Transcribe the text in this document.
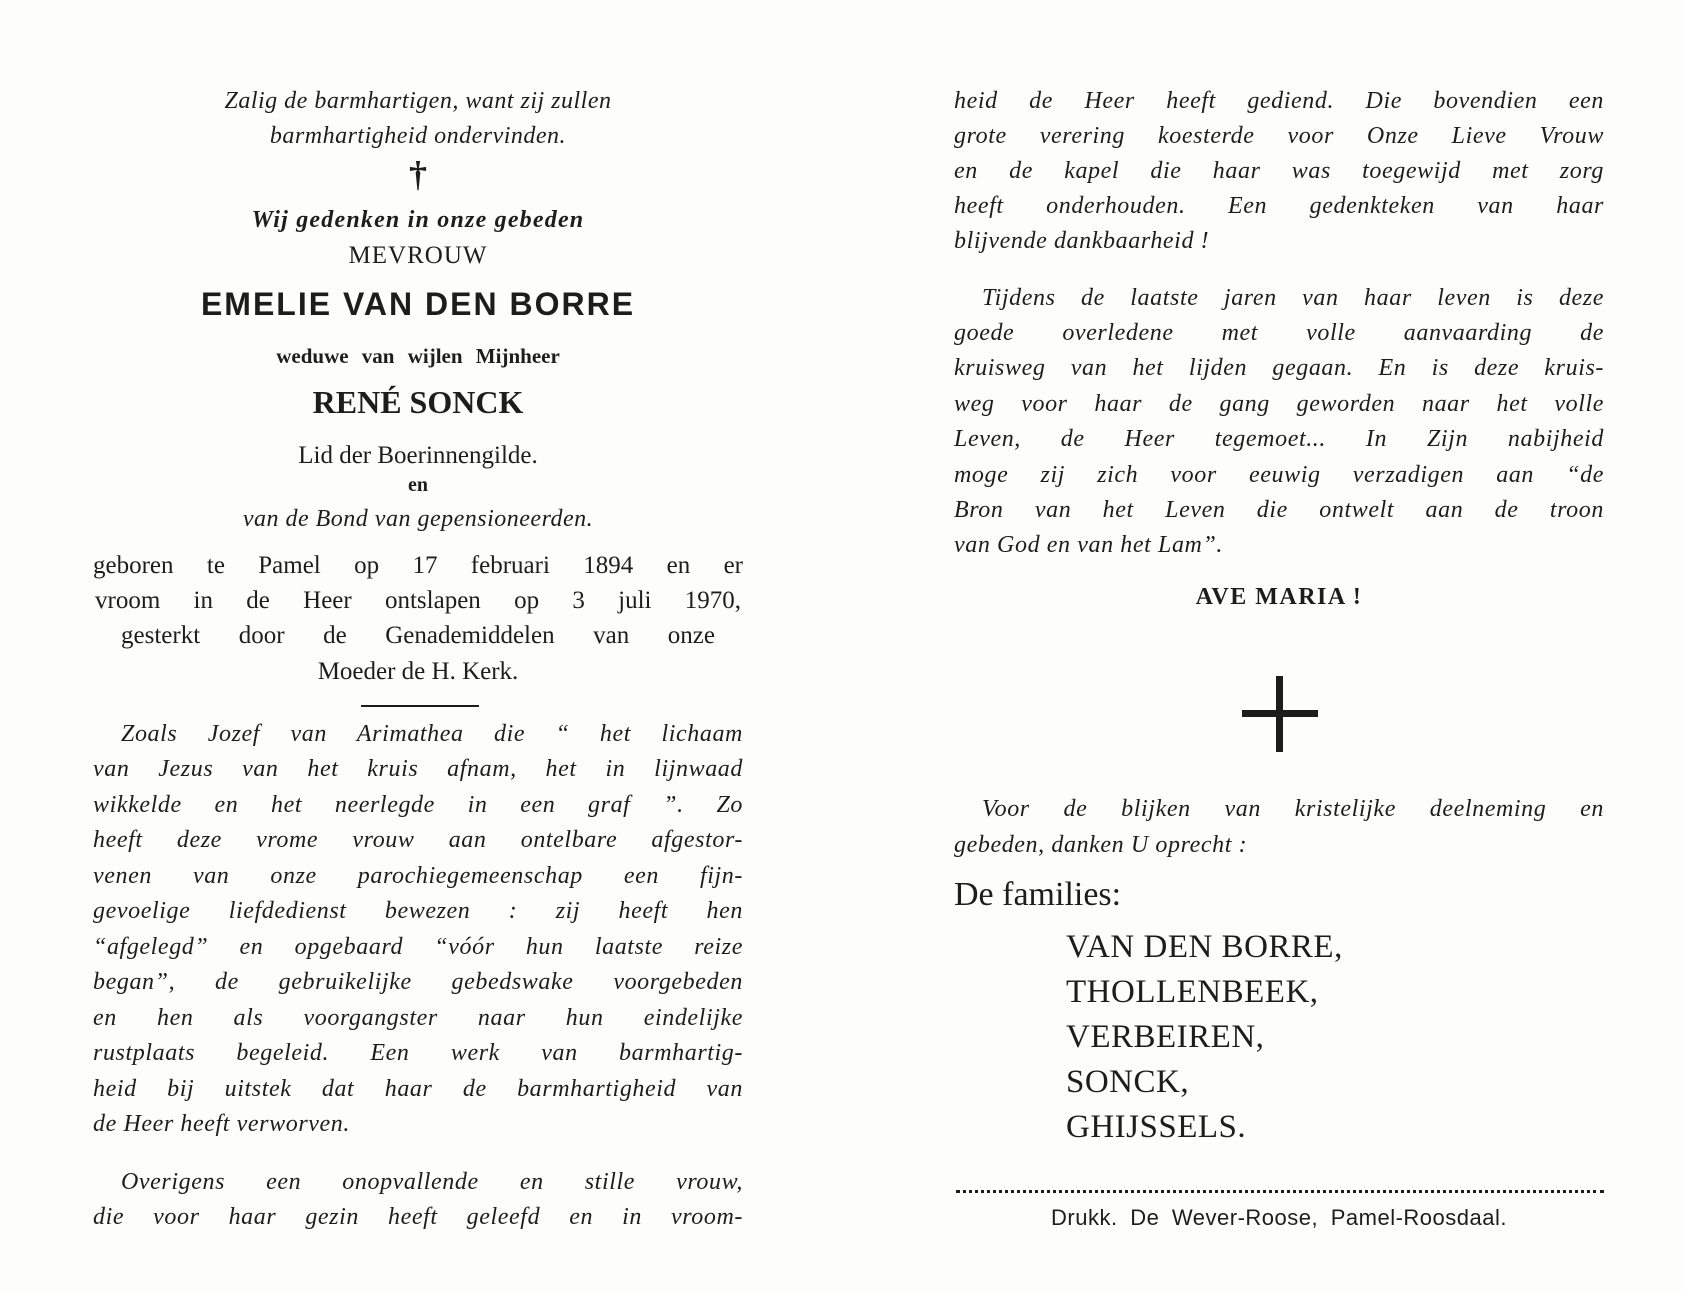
Zalig de barmhartigen, want zij zullen
barmhartigheid ondervinden.
†
Wij gedenken in onze gebeden
MEVROUW
EMELIE VAN DEN BORRE
weduwe van wijlen Mijnheer
RENÉ SONCK
Lid der Boerinnengilde.
en
van de Bond van gepensioneerden.
geboren te Pamel op 17 februari 1894 en er
vroom in de Heer ontslapen op 3 juli 1970,
gesterkt door de Genademiddelen van onze
Moeder de H. Kerk.
Zoals Jozef van Arimathea die “ het lichaam
van Jezus van het kruis afnam, het in lijnwaad
wikkelde en het neerlegde in een graf ”. Zo
heeft deze vrome vrouw aan ontelbare afgestor-
venen van onze parochiegemeenschap een fijn-
gevoelige liefdedienst bewezen : zij heeft hen
“afgelegd” en opgebaard “vóór hun laatste reize
began”, de gebruikelijke gebedswake voorgebeden
en hen als voorgangster naar hun eindelijke
rustplaats begeleid. Een werk van barmhartig-
heid bij uitstek dat haar de barmhartigheid van
de Heer heeft verworven.
Overigens een onopvallende en stille vrouw,
die voor haar gezin heeft geleefd en in vroom-
heid de Heer heeft gediend. Die bovendien een
grote verering koesterde voor Onze Lieve Vrouw
en de kapel die haar was toegewijd met zorg
heeft onderhouden. Een gedenkteken van haar
blijvende dankbaarheid !
Tijdens de laatste jaren van haar leven is deze
goede overledene met volle aanvaarding de
kruisweg van het lijden gegaan. En is deze kruis-
weg voor haar de gang geworden naar het volle
Leven, de Heer tegemoet... In Zijn nabijheid
moge zij zich voor eeuwig verzadigen aan “de
Bron van het Leven die ontwelt aan de troon
van God en van het Lam”.
AVE MARIA !
Voor de blijken van kristelijke deelneming en
gebeden, danken U oprecht :
De families:
VAN DEN BORRE,
THOLLENBEEK,
VERBEIREN,
SONCK,
GHIJSSELS.
Drukk. De Wever-Roose, Pamel-Roosdaal.
